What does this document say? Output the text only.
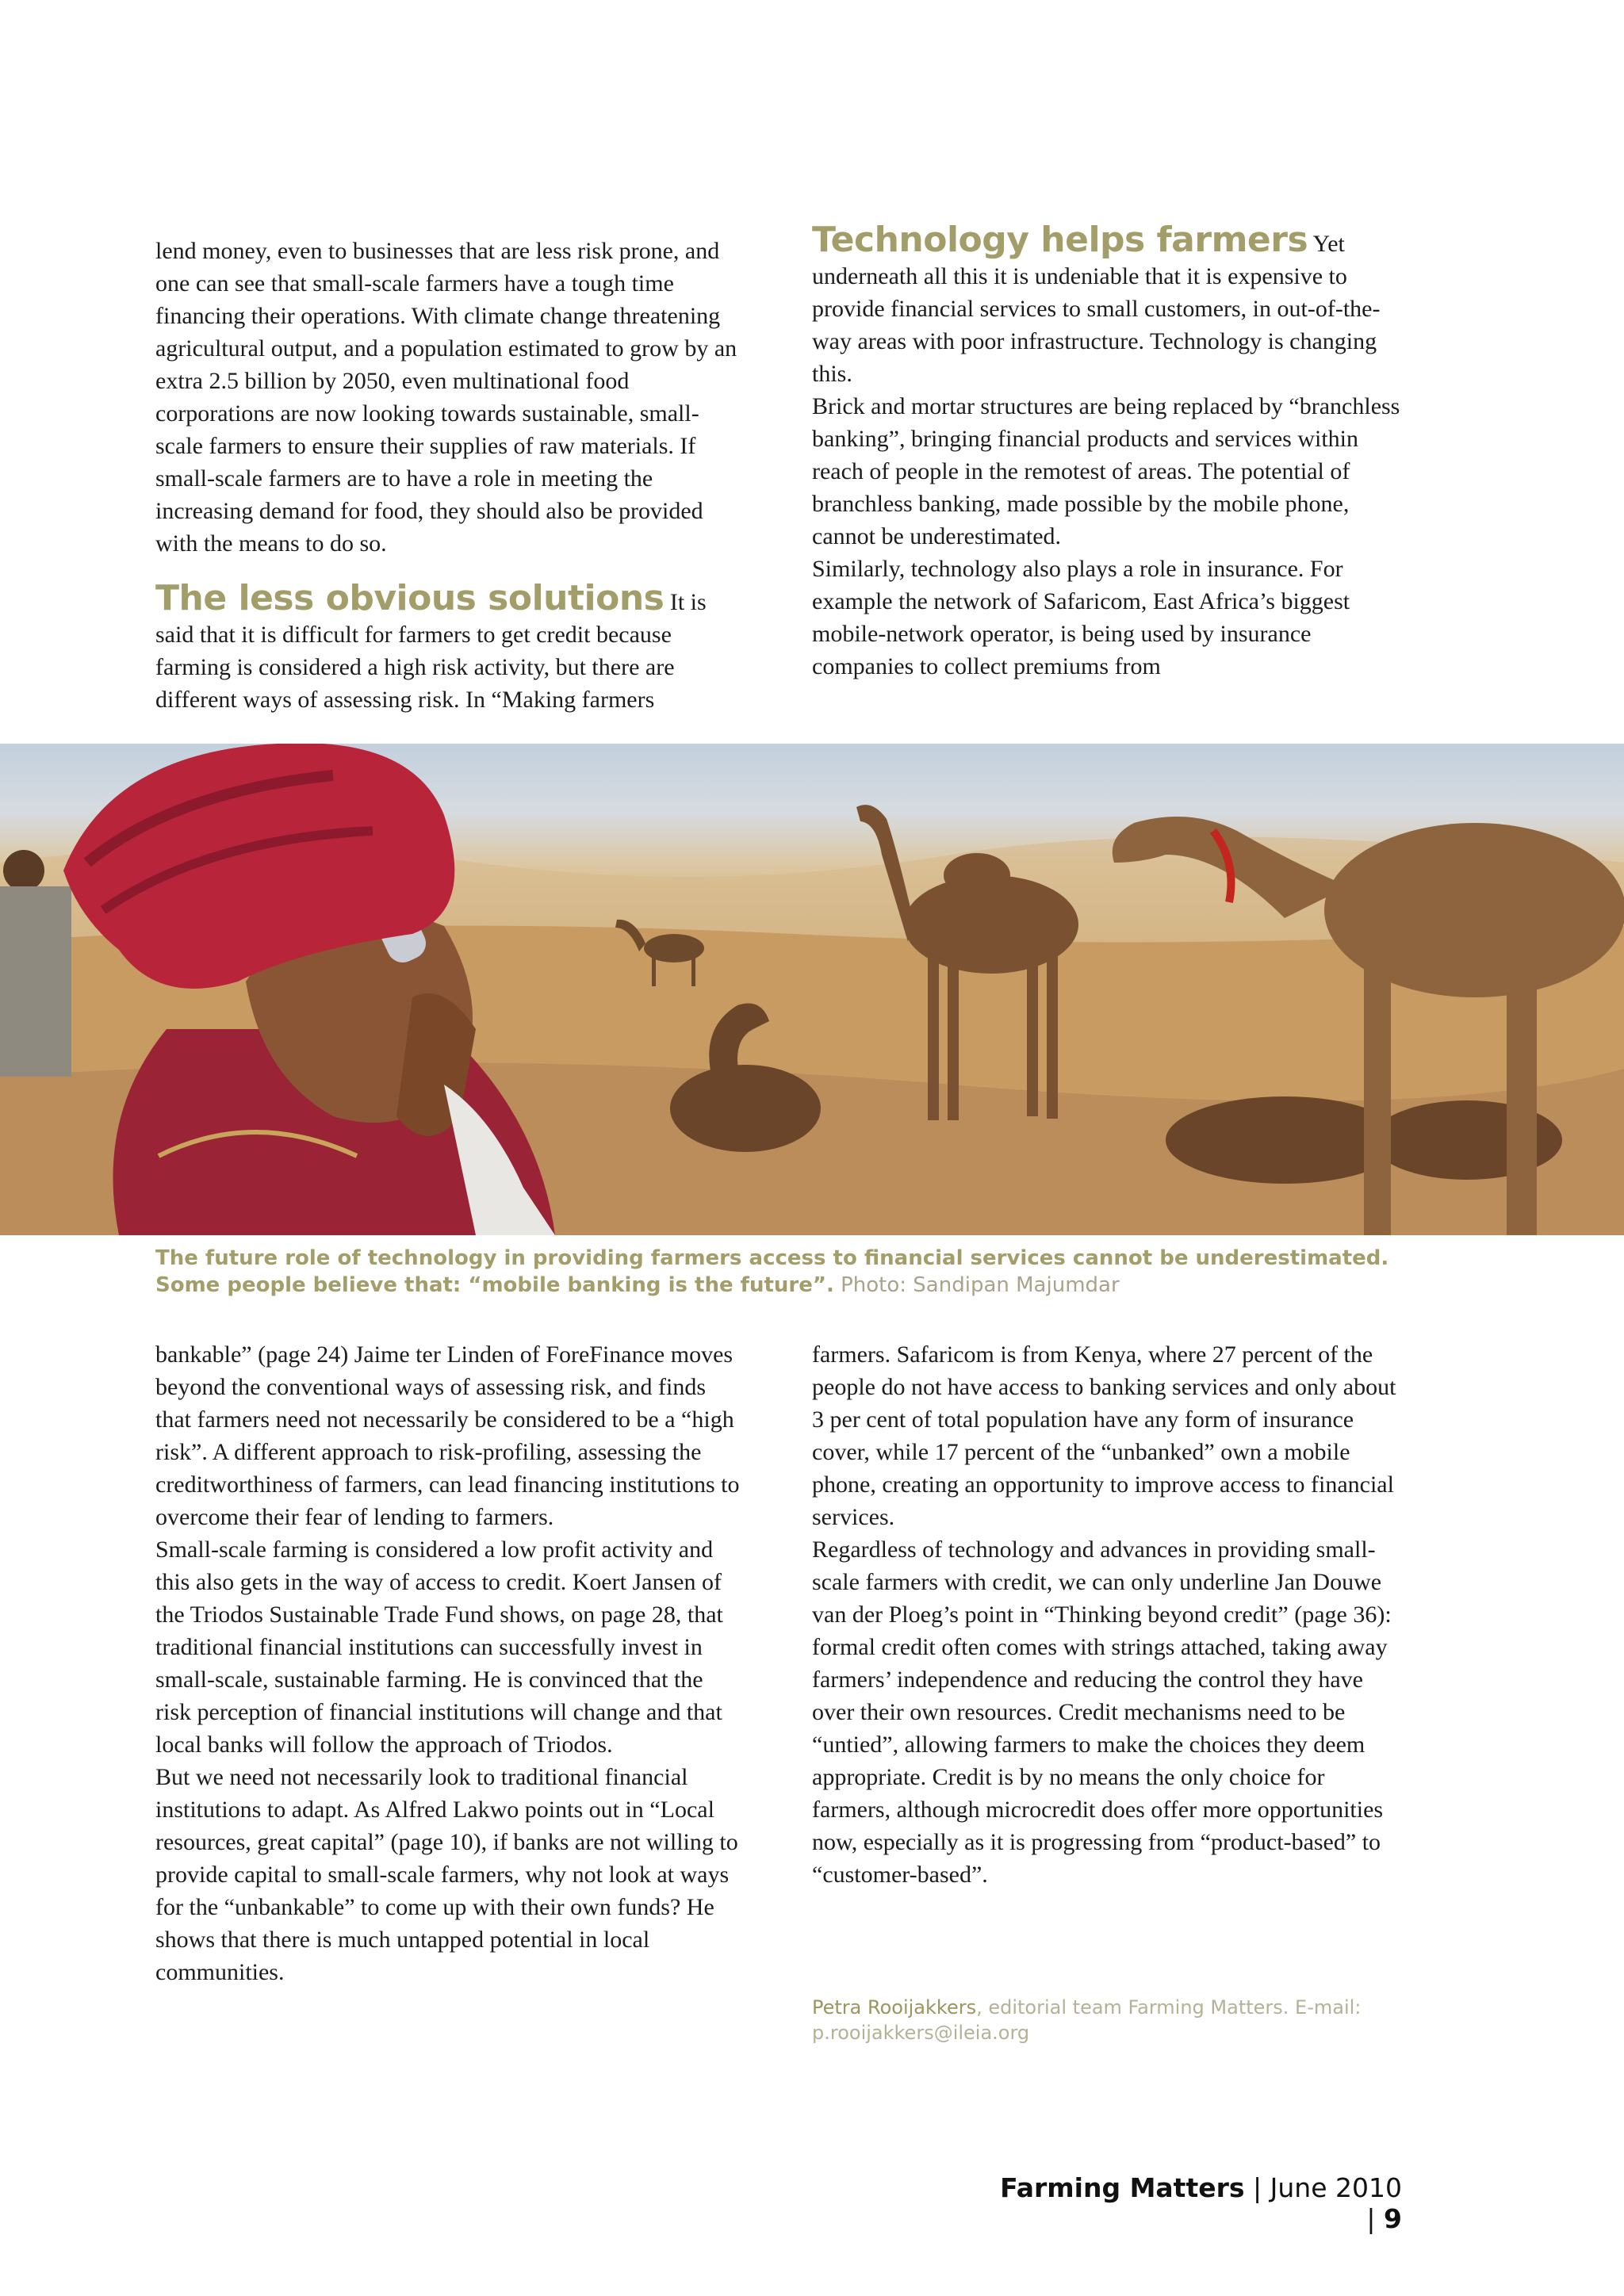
lend money, even to businesses that are less risk prone, and one can see that small-scale farmers have a tough time financing their operations. With climate change threatening agricultural output, and a population estimated to grow by an extra 2.5 billion by 2050, even multinational food corporations are now looking towards sustainable, small-scale farmers to ensure their supplies of raw materials. If small-scale farmers are to have a role in meeting the increasing demand for food, they should also be provided with the means to do so.

The less obvious solutions It is said that it is difficult for farmers to get credit because farming is considered a high risk activity, but there are different ways of assessing risk. In “Making farmers

Technology helps farmers Yet underneath all this it is undeniable that it is expensive to provide financial services to small customers, in out-of-the-way areas with poor infrastructure. Technology is changing this.

Brick and mortar structures are being replaced by “branchless banking”, bringing financial products and services within reach of people in the remotest of areas. The potential of branchless banking, made possible by the mobile phone, cannot be underestimated.

Similarly, technology also plays a role in insurance. For example the network of Safaricom, East Africa’s biggest mobile-network operator, is being used by insurance companies to collect premiums from

The future role of technology in providing farmers access to financial services cannot be underestimated. Some people believe that: “mobile banking is the future”. Photo: Sandipan Majumdar

bankable” (page 24) Jaime ter Linden of ForeFinance moves beyond the conventional ways of assessing risk, and finds that farmers need not necessarily be considered to be a “high risk”. A different approach to risk-profiling, assessing the creditworthiness of farmers, can lead financing institutions to overcome their fear of lending to farmers.

Small-scale farming is considered a low profit activity and this also gets in the way of access to credit. Koert Jansen of the Triodos Sustainable Trade Fund shows, on page 28, that traditional financial institutions can successfully invest in small-scale, sustainable farming. He is convinced that the risk perception of financial institutions will change and that local banks will follow the approach of Triodos.

But we need not necessarily look to traditional financial institutions to adapt. As Alfred Lakwo points out in “Local resources, great capital” (page 10), if banks are not willing to provide capital to small-scale farmers, why not look at ways for the “unbankable” to come up with their own funds? He shows that there is much untapped potential in local communities.

farmers. Safaricom is from Kenya, where 27 percent of the people do not have access to banking services and only about 3 per cent of total population have any form of insurance cover, while 17 percent of the “unbanked” own a mobile phone, creating an opportunity to improve access to financial services.

Regardless of technology and advances in providing small-scale farmers with credit, we can only underline Jan Douwe van der Ploeg’s point in “Thinking beyond credit” (page 36): formal credit often comes with strings attached, taking away farmers’ independence and reducing the control they have over their own resources. Credit mechanisms need to be “untied”, allowing farmers to make the choices they deem appropriate. Credit is by no means the only choice for farmers, although microcredit does offer more opportunities now, especially as it is progressing from “product-based” to “customer-based”.

Petra Rooijakkers, editorial team Farming Matters. E-mail:
p.rooijakkers@ileia.org
Farming Matters | June 2010 | 9
